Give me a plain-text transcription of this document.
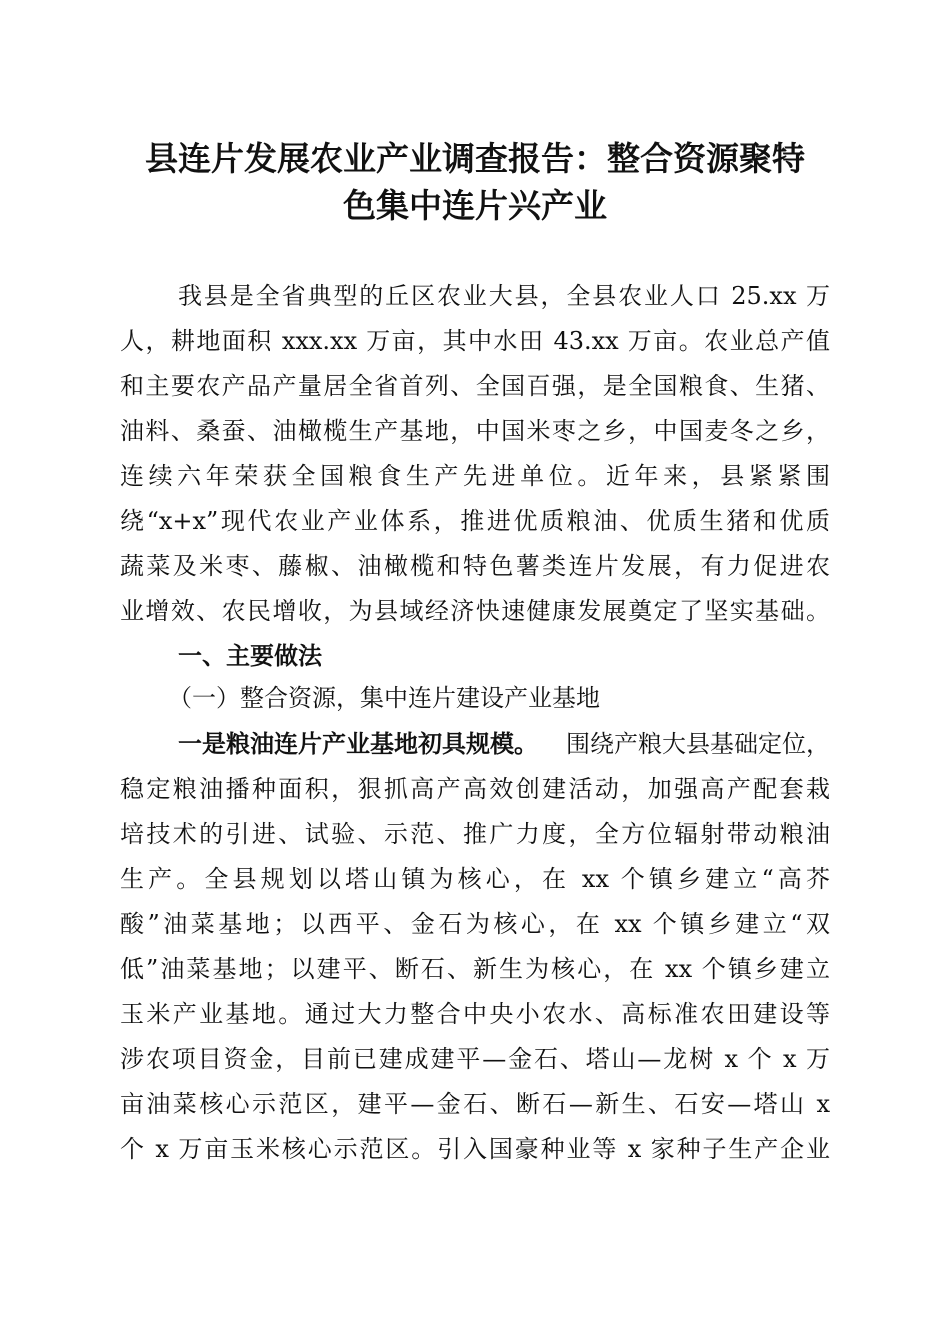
县连片发展农业产业调查报告：整合资源聚特
色集中连片兴产业
我县是全省典型的丘区农业大县，全县农业人口 25.xx 万
人，耕地面积 xxx.xx 万亩，其中水田 43.xx 万亩。农业总产值
和主要农产品产量居全省首列、全国百强，是全国粮食、生猪、
油料、桑蚕、油橄榄生产基地，中国米枣之乡，中国麦冬之乡，
连续六年荣获全国粮食生产先进单位。近年来，县紧紧围
绕“x+x”现代农业产业体系，推进优质粮油、优质生猪和优质
蔬菜及米枣、藤椒、油橄榄和特色薯类连片发展，有力促进农
业增效、农民增收，为县域经济快速健康发展奠定了坚实基础。
一、主要做法
（一）整合资源，集中连片建设产业基地
一是粮油连片产业基地初具规模。 围绕产粮大县基础定位，
稳定粮油播种面积，狠抓高产高效创建活动，加强高产配套栽
培技术的引进、试验、示范、推广力度，全方位辐射带动粮油
生产。全县规划以塔山镇为核心，在 xx 个镇乡建立“高芥
酸”油菜基地；以西平、金石为核心，在 xx 个镇乡建立“双
低”油菜基地；以建平、断石、新生为核心，在 xx 个镇乡建立
玉米产业基地。通过大力整合中央小农水、高标准农田建设等
涉农项目资金，目前已建成建平—金石、塔山—龙树 x 个 x 万
亩油菜核心示范区，建平—金石、断石—新生、石安—塔山 x
个 x 万亩玉米核心示范区。引入国豪种业等 x 家种子生产企业
